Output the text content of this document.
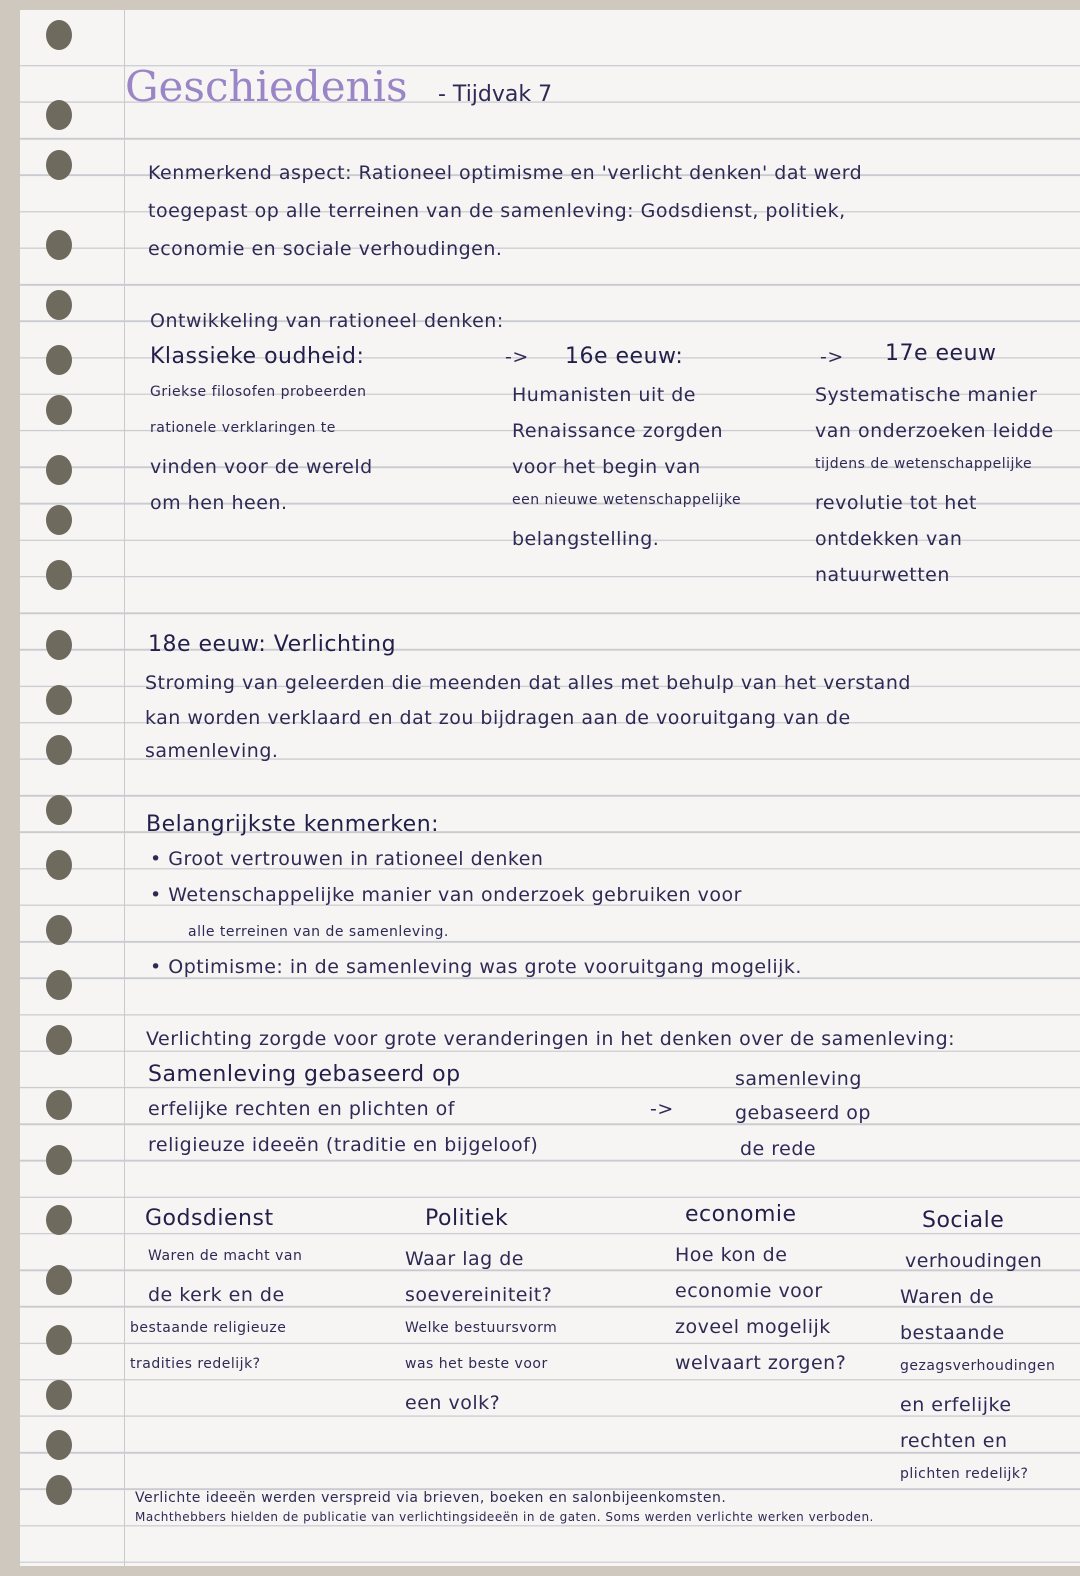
Geschiedenis - Tijdvak 7
Kenmerkend aspect: Rationeel optimisme en 'verlicht denken' dat werd
toegepast op alle terreinen van de samenleving: Godsdienst, politiek,
economie en sociale verhoudingen.
Ontwikkeling van rationeel denken:
Klassieke oudheid:	-> 16e eeuw:	-> 17e eeuw
Griekse filosofen probeerden
rationele verklaringen te
vinden voor de wereld
om hen heen.
Humanisten uit de
Renaissance zorgden
voor het begin van
een nieuwe wetenschappelijke
belangstelling.
Systematische manier
van onderzoeken leidde
tijdens de wetenschappelijke
revolutie tot het
ontdekken van
natuurwetten
18e eeuw: Verlichting
Stroming van geleerden die meenden dat alles met behulp van het verstand
kan worden verklaard en dat zou bijdragen aan de vooruitgang van de
samenleving.
Belangrijkste kenmerken:
• Groot vertrouwen in rationeel denken
• Wetenschappelijke manier van onderzoek gebruiken voor
alle terreinen van de samenleving.
• Optimisme: in de samenleving was grote vooruitgang mogelijk.
Verlichting zorgde voor grote veranderingen in het denken over de samenleving:
Samenleving gebaseerd op
erfelijke rechten en plichten of
religieuze ideeën (traditie en bijgeloof)
->
samenleving
gebaseerd op
de rede
Godsdienst
Waren de macht van
de kerk en de
bestaande religieuze
tradities redelijk?
Politiek
Waar lag de
soevereiniteit?
Welke bestuursvorm
was het beste voor
een volk?
economie
Hoe kon de
economie voor
zoveel mogelijk
welvaart zorgen?
Sociale
verhoudingen
Waren de
bestaande
gezagsverhoudingen
en erfelijke
rechten en
plichten redelijk?
Verlichte ideeën werden verspreid via brieven, boeken en salonbijeenkomsten.
Machthebbers hielden de publicatie van verlichtingsideeën in de gaten. Soms werden verlichte werken verboden.
